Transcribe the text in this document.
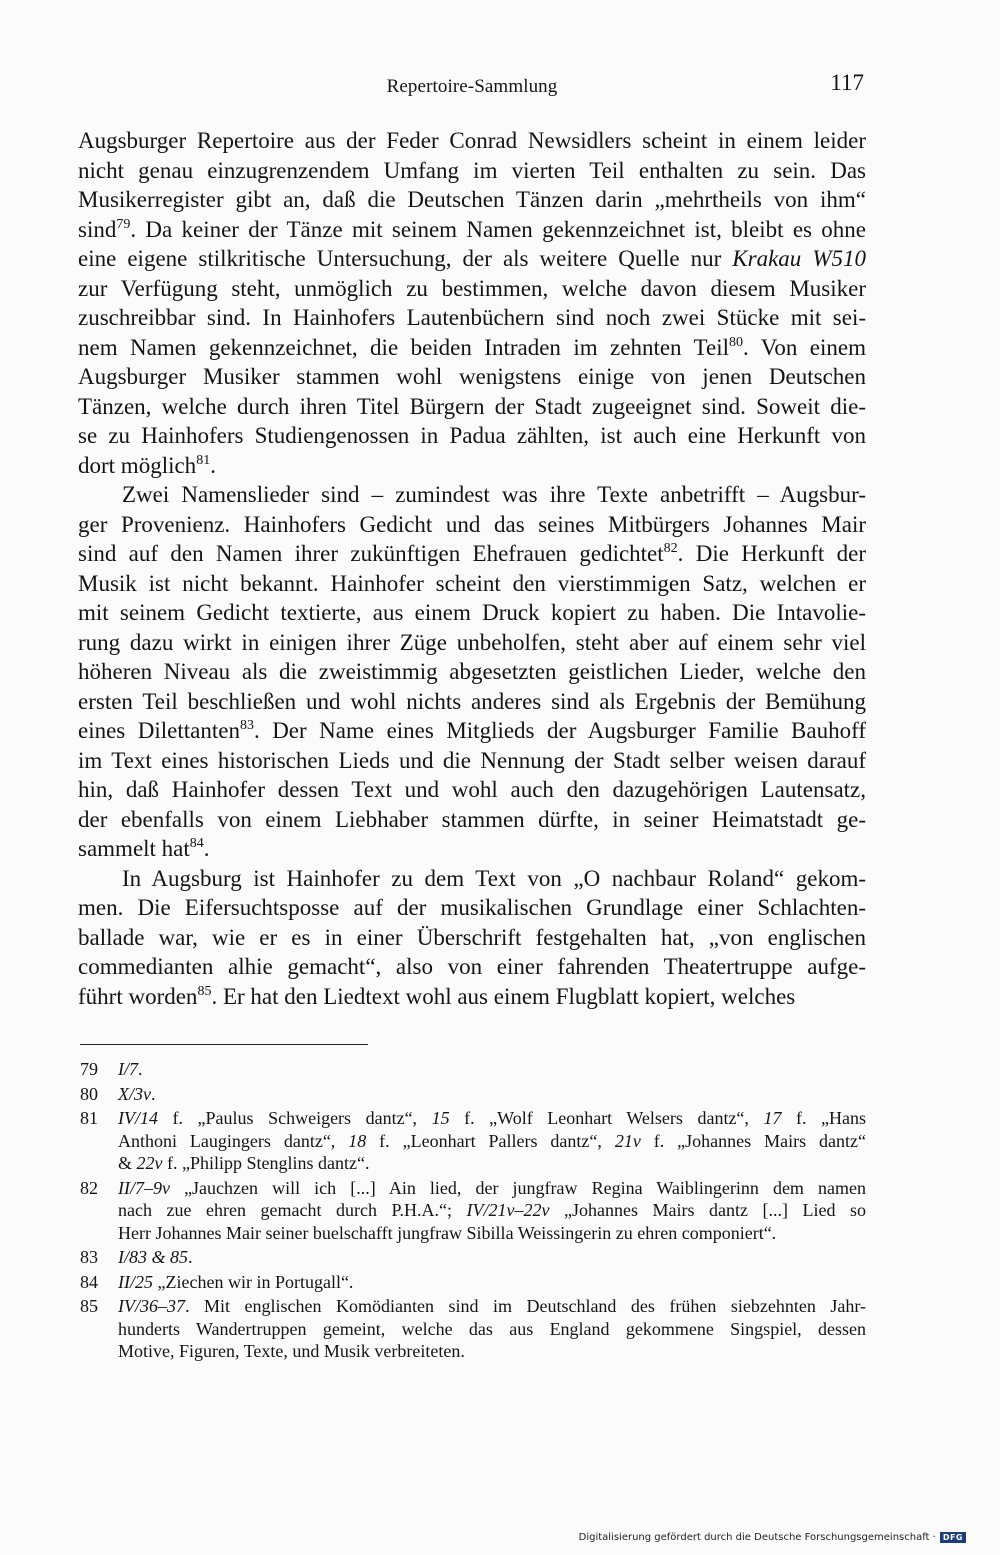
Repertoire-Sammlung	117
Augsburger Repertoire aus der Feder Conrad Newsidlers scheint in einem leider
nicht genau einzugrenzendem Umfang im vierten Teil enthalten zu sein. Das
Musikerregister gibt an, daß die Deutschen Tänzen darin „mehrtheils von ihm“
sind$^{79}$. Da keiner der Tänze mit seinem Namen gekennzeichnet ist, bleibt es ohne
eine eigene stilkritische Untersuchung, der als weitere Quelle nur Krakau W510
zur Verfügung steht, unmöglich zu bestimmen, welche davon diesem Musiker
zuschreibbar sind. In Hainhofers Lautenbüchern sind noch zwei Stücke mit sei-
nem Namen gekennzeichnet, die beiden Intraden im zehnten Teil$^{80}$. Von einem
Augsburger Musiker stammen wohl wenigstens einige von jenen Deutschen
Tänzen, welche durch ihren Titel Bürgern der Stadt zugeeignet sind. Soweit die-
se zu Hainhofers Studiengenossen in Padua zählten, ist auch eine Herkunft von
dort möglich$^{81}$.
Zwei Namenslieder sind – zumindest was ihre Texte anbetrifft – Augsbur-
ger Provenienz. Hainhofers Gedicht und das seines Mitbürgers Johannes Mair
sind auf den Namen ihrer zukünftigen Ehefrauen gedichtet$^{82}$. Die Herkunft der
Musik ist nicht bekannt. Hainhofer scheint den vierstimmigen Satz, welchen er
mit seinem Gedicht textierte, aus einem Druck kopiert zu haben. Die Intavolie-
rung dazu wirkt in einigen ihrer Züge unbeholfen, steht aber auf einem sehr viel
höheren Niveau als die zweistimmig abgesetzten geistlichen Lieder, welche den
ersten Teil beschließen und wohl nichts anderes sind als Ergebnis der Bemühung
eines Dilettanten$^{83}$. Der Name eines Mitglieds der Augsburger Familie Bauhoff
im Text eines historischen Lieds und die Nennung der Stadt selber weisen darauf
hin, daß Hainhofer dessen Text und wohl auch den dazugehörigen Lautensatz,
der ebenfalls von einem Liebhaber stammen dürfte, in seiner Heimatstadt ge-
sammelt hat$^{84}$.
In Augsburg ist Hainhofer zu dem Text von „O nachbaur Roland“ gekom-
men. Die Eifersuchtsposse auf der musikalischen Grundlage einer Schlachten-
ballade war, wie er es in einer Überschrift festgehalten hat, „von englischen
commedianten alhie gemacht“, also von einer fahrenden Theatertruppe aufge-
führt worden$^{85}$. Er hat den Liedtext wohl aus einem Flugblatt kopiert, welches
79	I/7.
80	X/3v.
81	IV/14 f. „Paulus Schweigers dantz“, 15 f. „Wolf Leonhart Welsers dantz“, 17 f. „Hans
Anthoni Laugingers dantz“, 18 f. „Leonhart Pallers dantz“, 21v f. „Johannes Mairs dantz“
& 22v f. „Philipp Stenglins dantz“.
82	II/7–9v „Jauchzen will ich [...] Ain lied, der jungfraw Regina Waiblingerinn dem namen
nach zue ehren gemacht durch P.H.A.“; IV/21v–22v „Johannes Mairs dantz [...] Lied so
Herr Johannes Mair seiner buelschafft jungfraw Sibilla Weissingerin zu ehren componiert“.
83	I/83 & 85.
84	II/25 „Ziechen wir in Portugall“.
85	IV/36–37. Mit englischen Komödianten sind im Deutschland des frühen siebzehnten Jahr-
hunderts Wandertruppen gemeint, welche das aus England gekommene Singspiel, dessen
Motive, Figuren, Texte, und Musik verbreiteten.
Digitalisierung gefördert durch die Deutsche Forschungsgemeinschaft · DFG
